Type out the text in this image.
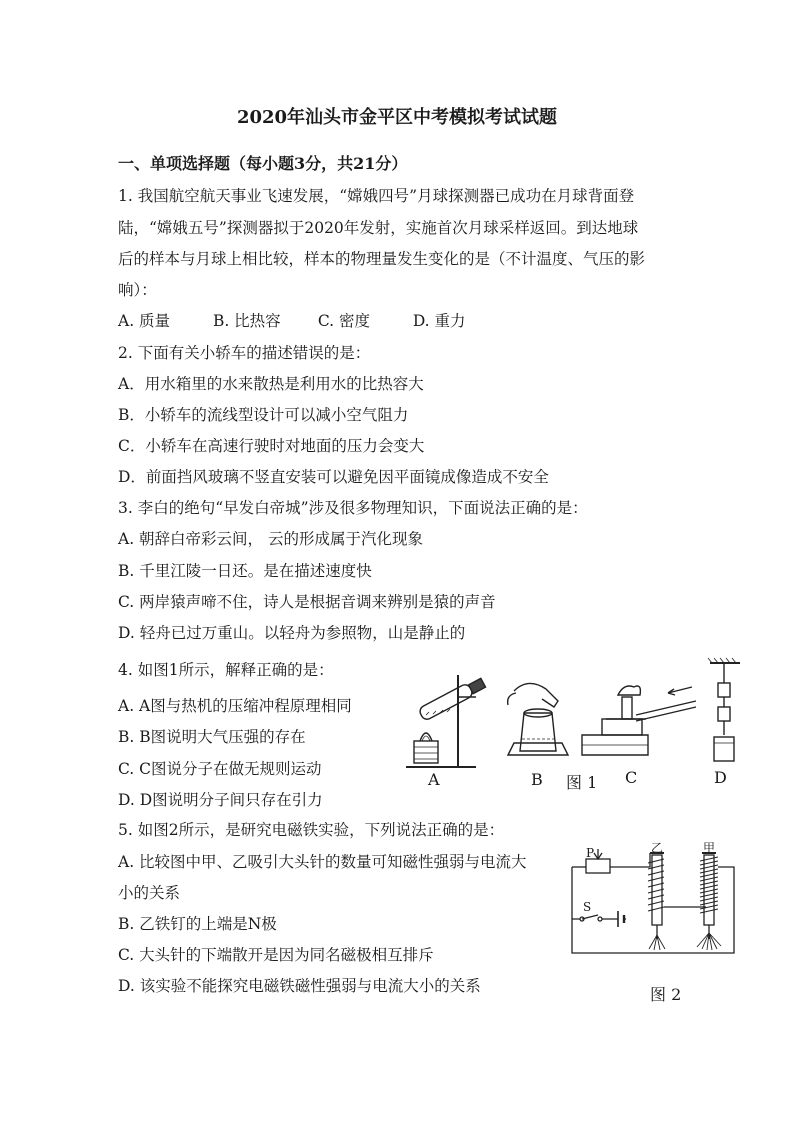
2020年汕头市金平区中考模拟考试试题
一、单项选择题（每小题3分，共21分）
1. 我国航空航天事业飞速发展，“嫦娥四号”月球探测器已成功在月球背面登
陆，“嫦娥五号”探测器拟于2020年发射，实施首次月球采样返回。到达地球
后的样本与月球上相比较，样本的物理量发生变化的是（不计温度、气压的影
响）：
A. 质量	B. 比热容 C. 密度	D. 重力
2. 下面有关小轿车的描述错误的是：
A．用水箱里的水来散热是利用水的比热容大
B．小轿车的流线型设计可以减小空气阻力
C．小轿车在高速行驶时对地面的压力会变大
D．前面挡风玻璃不竖直安装可以避免因平面镜成像造成不安全
3. 李白的绝句“早发白帝城”涉及很多物理知识，下面说法正确的是：
A. 朝辞白帝彩云间， 云的形成属于汽化现象
B. 千里江陵一日还。是在描述速度快
C. 两岸猿声啼不住，诗人是根据音调来辨别是猿的声音
D. 轻舟已过万重山。以轻舟为参照物，山是静止的
4. 如图1所示，解释正确的是：
A. A图与热机的压缩冲程原理相同
B. B图说明大气压强的存在
C. C图说分子在做无规则运动
D. D图说明分子间只存在引力
A	B 图 1 C	D
5. 如图2所示，是研究电磁铁实验，下列说法正确的是：
A. 比较图中甲、乙吸引大头针的数量可知磁性强弱与电流大
小的关系
B. 乙铁钉的上端是N极
C. 大头针的下端散开是因为同名磁极相互排斥
D. 该实验不能探究电磁铁磁性强弱与电流大小的关系
P	乙	甲
S
图 2
